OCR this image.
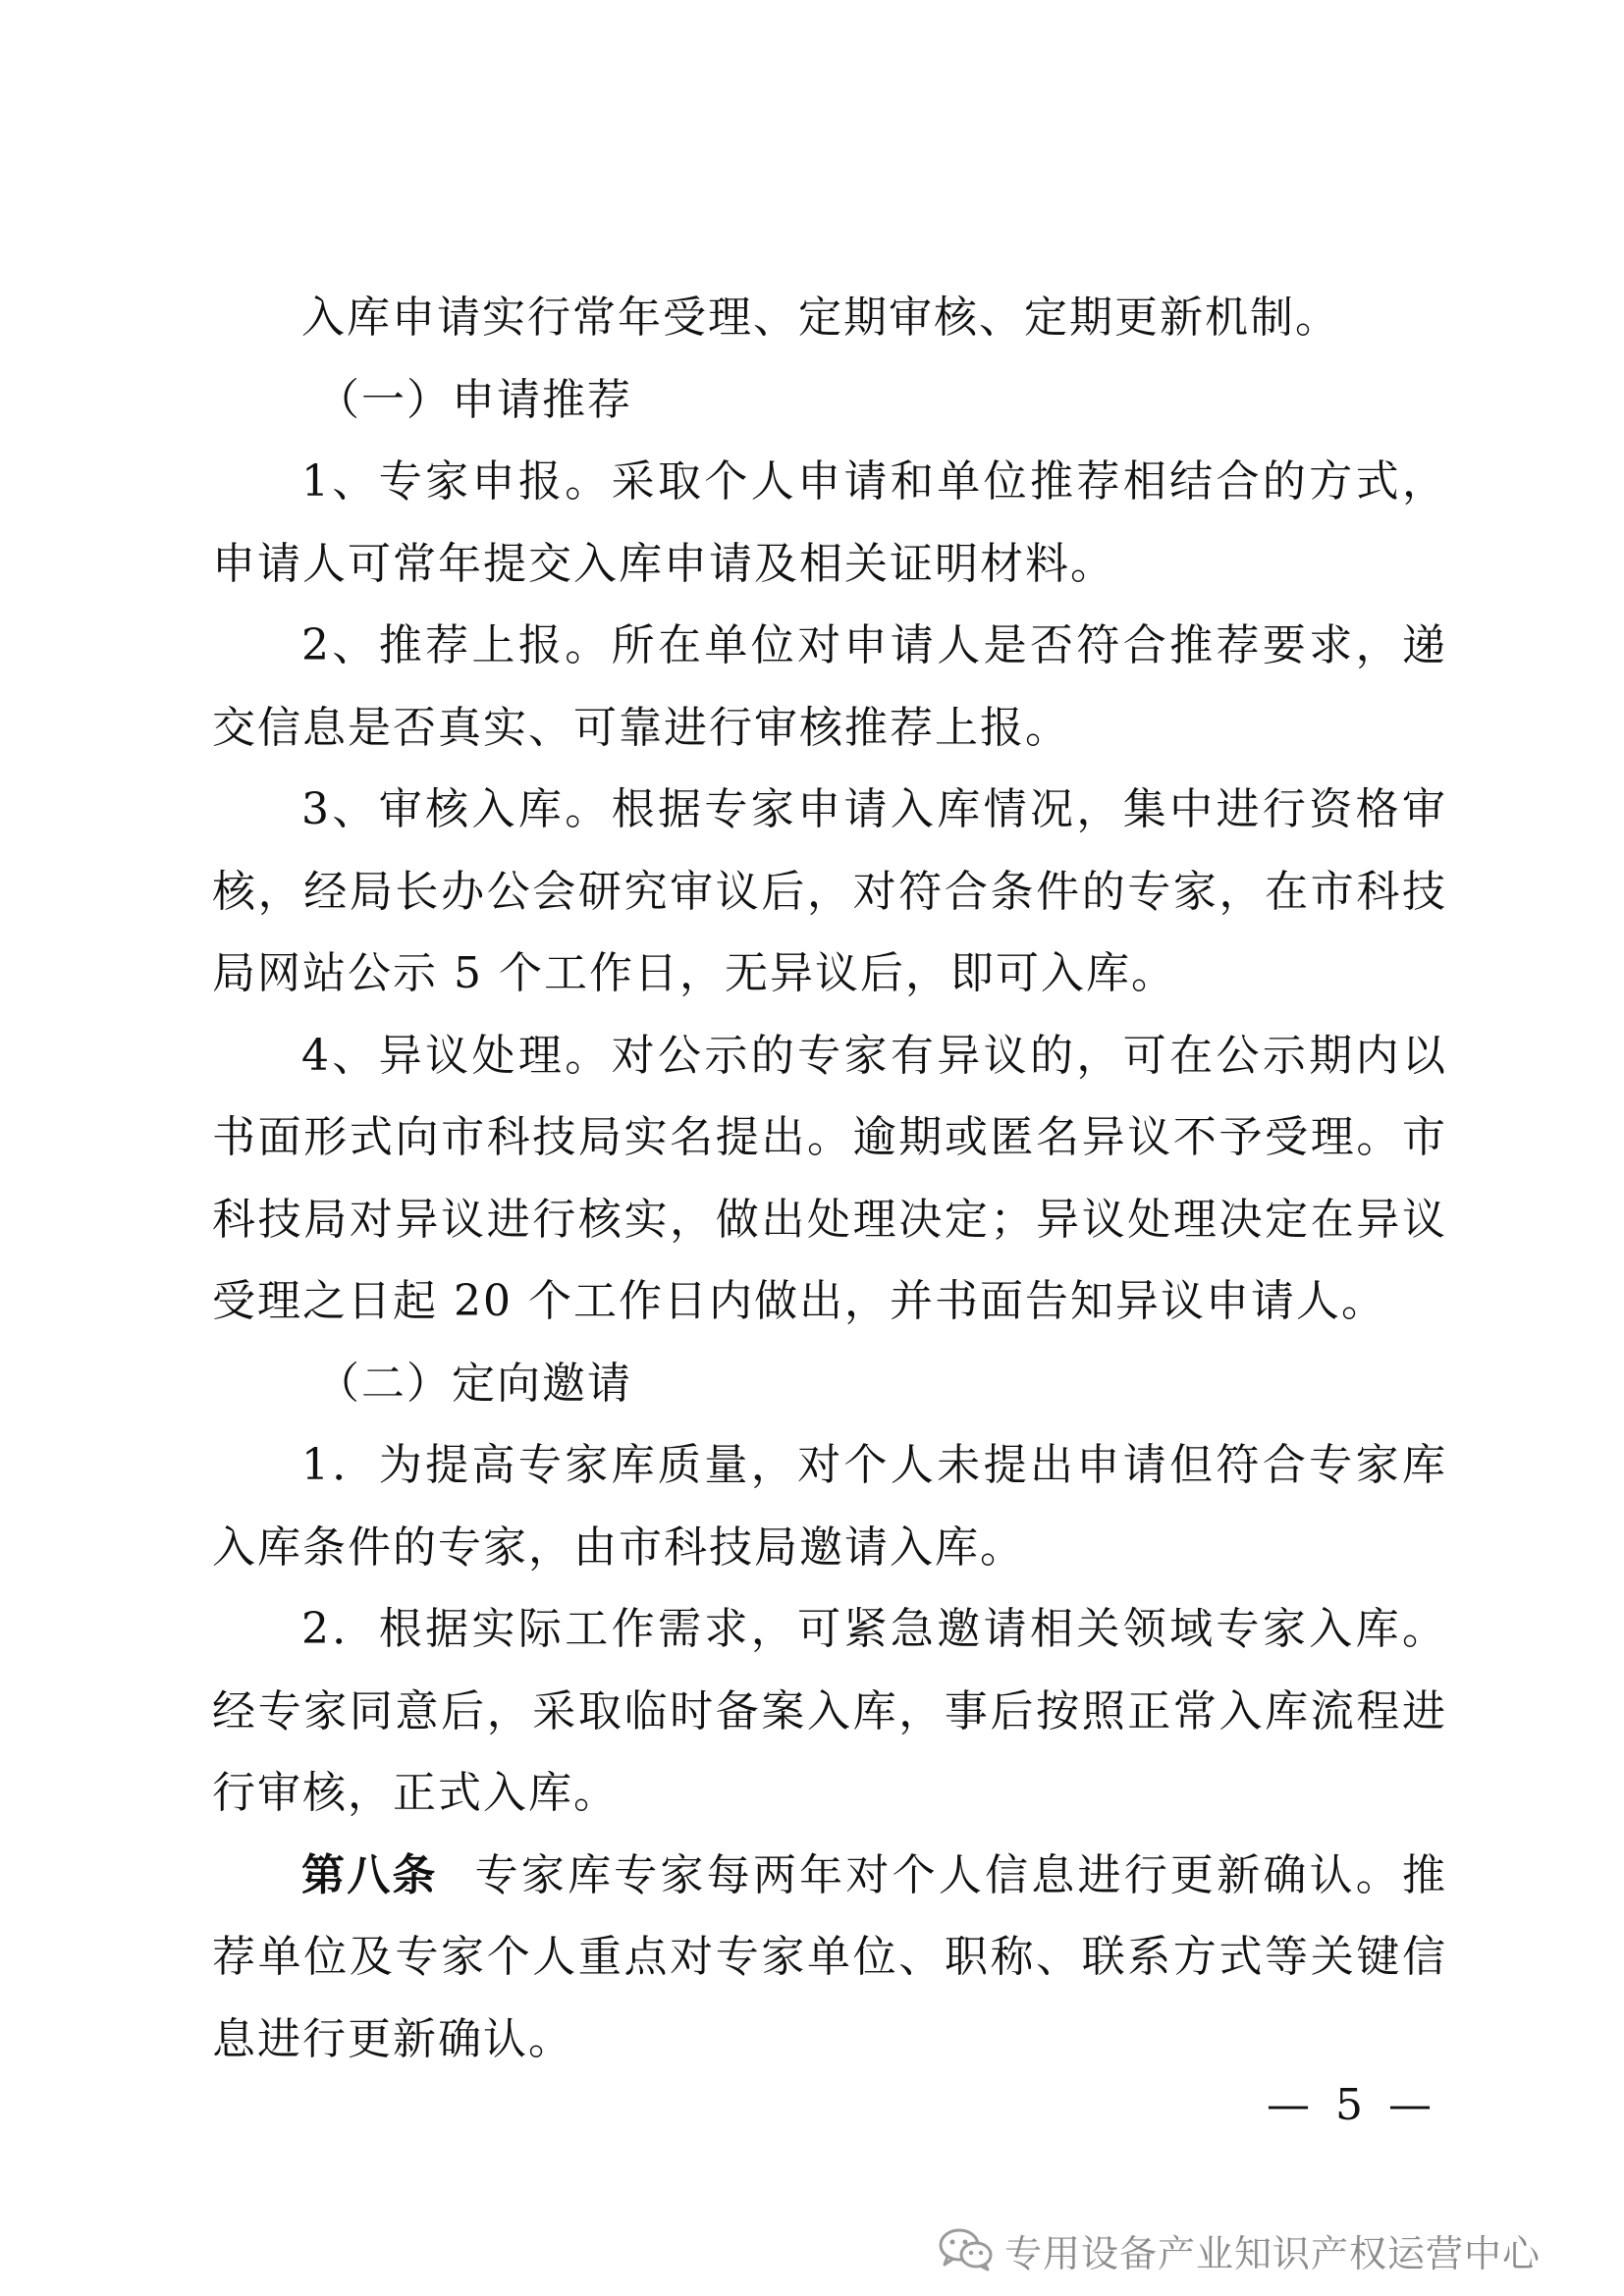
入库申请实行常年受理、定期审核、定期更新机制。

（一）申请推荐

1、专家申报。采取个人申请和单位推荐相结合的方式，申请人可常年提交入库申请及相关证明材料。

2、推荐上报。所在单位对申请人是否符合推荐要求，递交信息是否真实、可靠进行审核推荐上报。

3、审核入库。根据专家申请入库情况，集中进行资格审核，经局长办公会研究审议后，对符合条件的专家，在市科技局网站公示 5 个工作日，无异议后，即可入库。

4、异议处理。对公示的专家有异议的，可在公示期内以书面形式向市科技局实名提出。逾期或匿名异议不予受理。市科技局对异议进行核实，做出处理决定；异议处理决定在异议受理之日起 20 个工作日内做出，并书面告知异议申请人。

（二）定向邀请

1．为提高专家库质量，对个人未提出申请但符合专家库入库条件的专家，由市科技局邀请入库。

2．根据实际工作需求，可紧急邀请相关领域专家入库。经专家同意后，采取临时备案入库，事后按照正常入库流程进行审核，正式入库。

第八条 专家库专家每两年对个人信息进行更新确认。推荐单位及专家个人重点对专家单位、职称、联系方式等关键信息进行更新确认。

— 5 —
专用设备产业知识产权运营中心
